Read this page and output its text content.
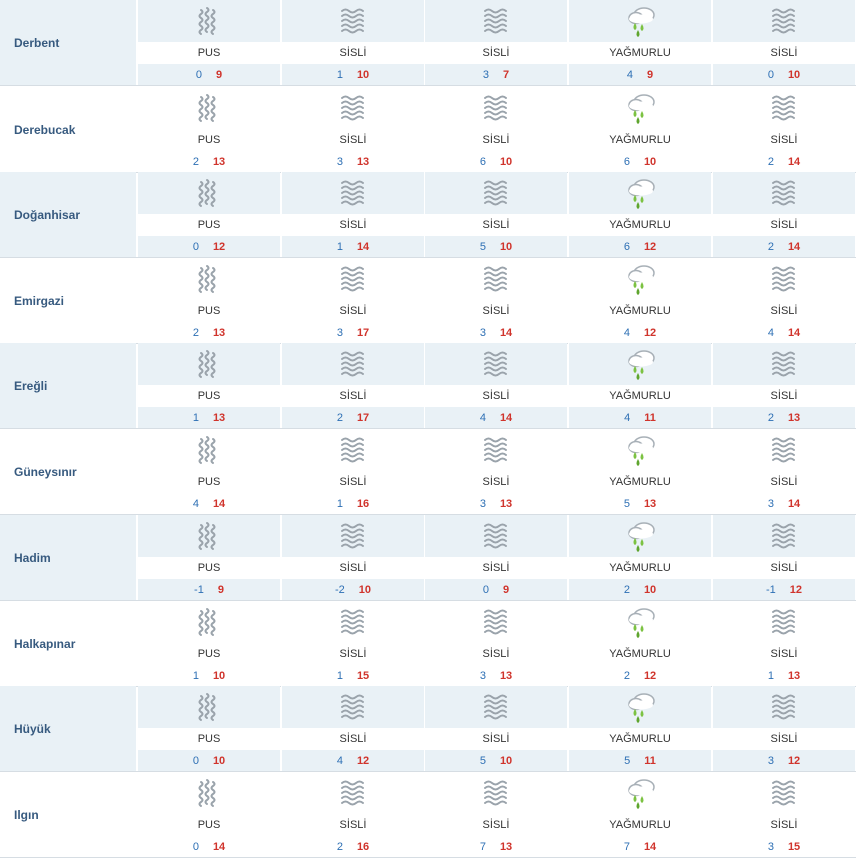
Derbent
PUS
0 9
SİSLİ
1 10
SİSLİ
3 7
YAĞMURLU
4 9
SİSLİ
0 10
Derebucak
PUS
2 13
SİSLİ
3 13
SİSLİ
6 10
YAĞMURLU
6 10
SİSLİ
2 14
Doğanhisar
PUS
0 12
SİSLİ
1 14
SİSLİ
5 10
YAĞMURLU
6 12
SİSLİ
2 14
Emirgazi
PUS
2 13
SİSLİ
3 17
SİSLİ
3 14
YAĞMURLU
4 12
SİSLİ
4 14
Ereğli
PUS
1 13
SİSLİ
2 17
SİSLİ
4 14
YAĞMURLU
4 11
SİSLİ
2 13
Güneysınır
PUS
4 14
SİSLİ
1 16
SİSLİ
3 13
YAĞMURLU
5 13
SİSLİ
3 14
Hadim
PUS
-1 9
SİSLİ
-2 10
SİSLİ
0 9
YAĞMURLU
2 10
SİSLİ
-1 12
Halkapınar
PUS
1 10
SİSLİ
1 15
SİSLİ
3 13
YAĞMURLU
2 12
SİSLİ
1 13
Hüyük
PUS
0 10
SİSLİ
4 12
SİSLİ
5 10
YAĞMURLU
5 11
SİSLİ
3 12
Ilgın
PUS
0 14
SİSLİ
2 16
SİSLİ
7 13
YAĞMURLU
7 14
SİSLİ
3 15
